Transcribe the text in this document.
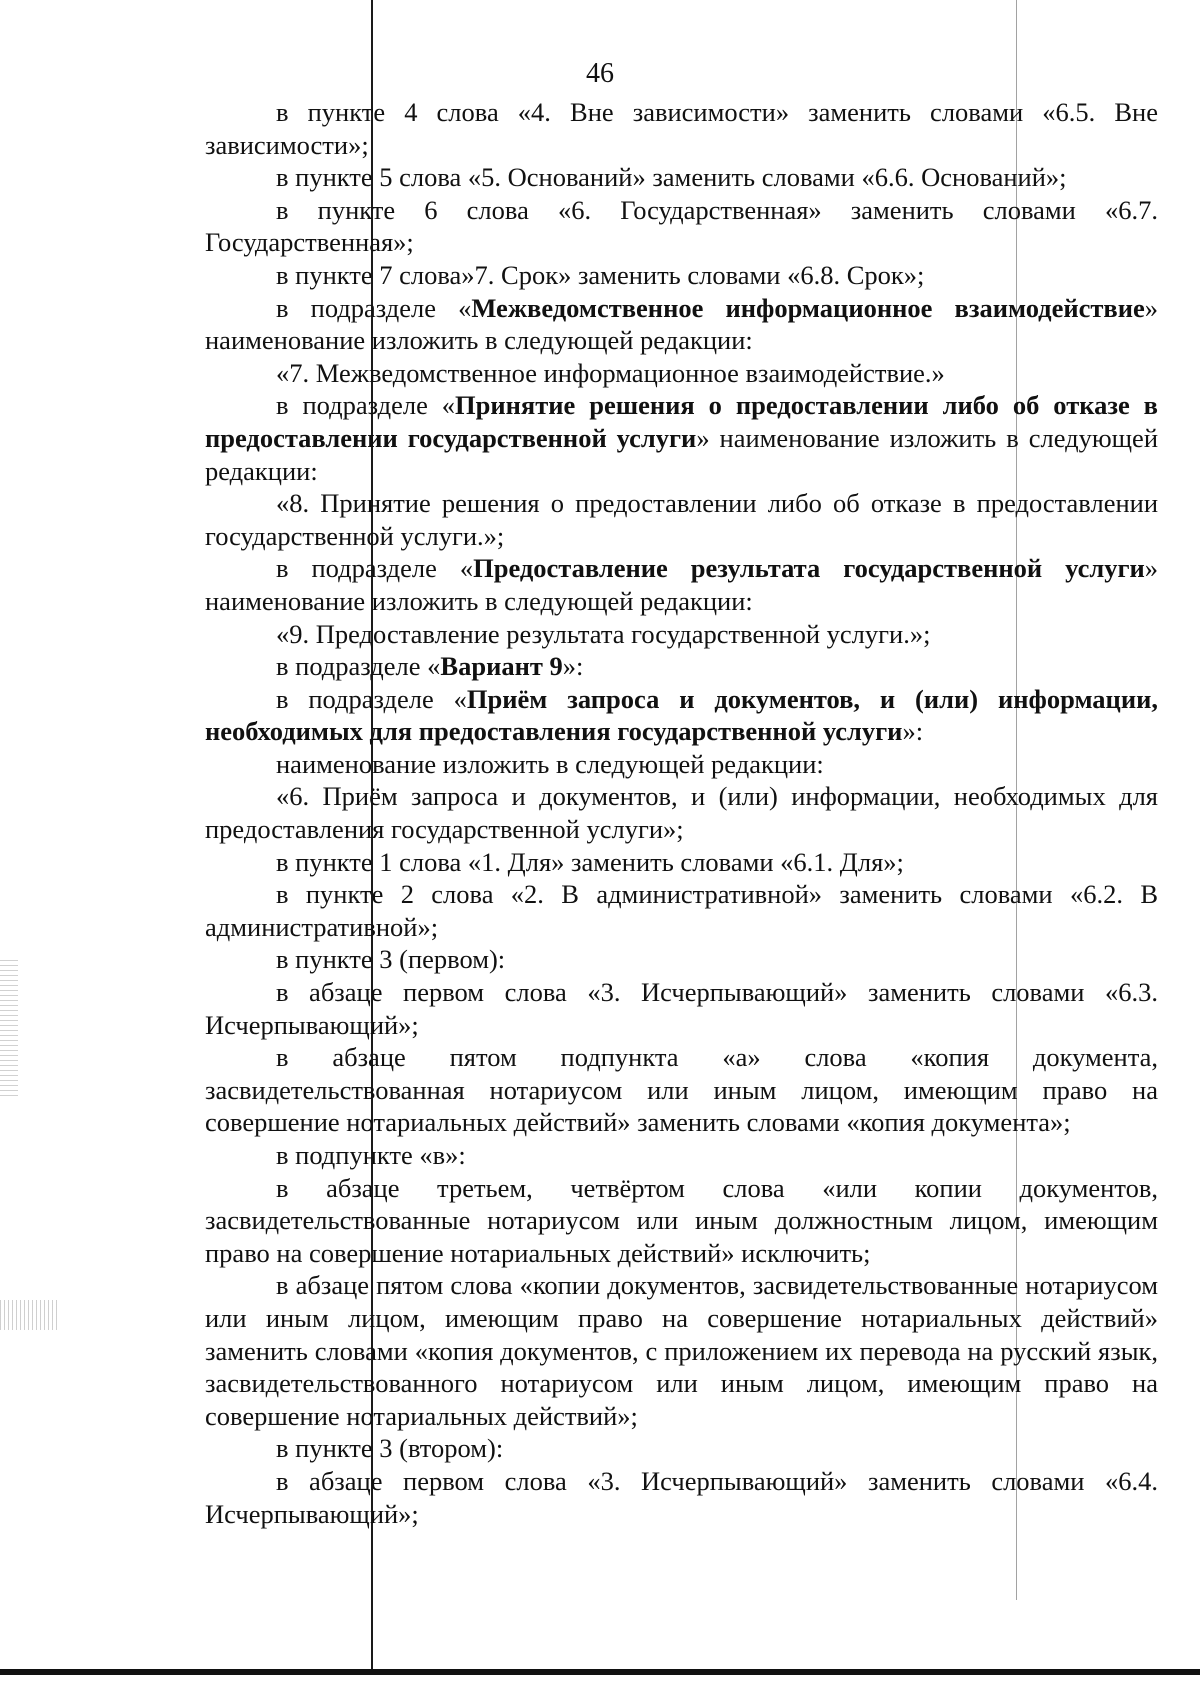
46

в пункте 4 слова «4. Вне зависимости» заменить словами «6.5. Вне зависимости»;

в пункте 5 слова «5. Оснований» заменить словами «6.6. Оснований»;

в пункте 6 слова «6. Государственная» заменить словами «6.7. Государственная»;

в пункте 7 слова»7. Срок» заменить словами «6.8. Срок»;

в подразделе «Межведомственное информационное взаимодействие» наименование изложить в следующей редакции:

«7. Межведомственное информационное взаимодействие.»

в подразделе «Принятие решения о предоставлении либо об отказе в предоставлении государственной услуги» наименование изложить в следующей редакции:

«8. Принятие решения о предоставлении либо об отказе в предоставлении государственной услуги.»;

в подразделе «Предоставление результата государственной услуги» наименование изложить в следующей редакции:

«9. Предоставление результата государственной услуги.»;

в подразделе «Вариант 9»:

в подразделе «Приём запроса и документов, и (или) информации, необходимых для предоставления государственной услуги»:

наименование изложить в следующей редакции:

«6. Приём запроса и документов, и (или) информации, необходимых для предоставления государственной услуги»;

в пункте 1 слова «1. Для» заменить словами «6.1. Для»;

в пункте 2 слова «2. В административной» заменить словами «6.2. В административной»;

в пункте 3 (первом):

в абзаце первом слова «3. Исчерпывающий» заменить словами «6.3. Исчерпывающий»;

в абзаце пятом подпункта «а» слова «копия документа, засвидетельствованная нотариусом или иным лицом, имеющим право на совершение нотариальных действий» заменить словами «копия документа»;

в подпункте «в»:

в абзаце третьем, четвёртом слова «или копии документов, засвидетельствованные нотариусом или иным должностным лицом, имеющим право на совершение нотариальных действий» исключить;

в абзаце пятом слова «копии документов, засвидетельствованные нотариусом или иным лицом, имеющим право на совершение нотариальных действий» заменить словами «копия документов, с приложением их перевода на русский язык, засвидетельствованного нотариусом или иным лицом, имеющим право на совершение нотариальных действий»;

в пункте 3 (втором):

в абзаце первом слова «3. Исчерпывающий» заменить словами «6.4. Исчерпывающий»;
